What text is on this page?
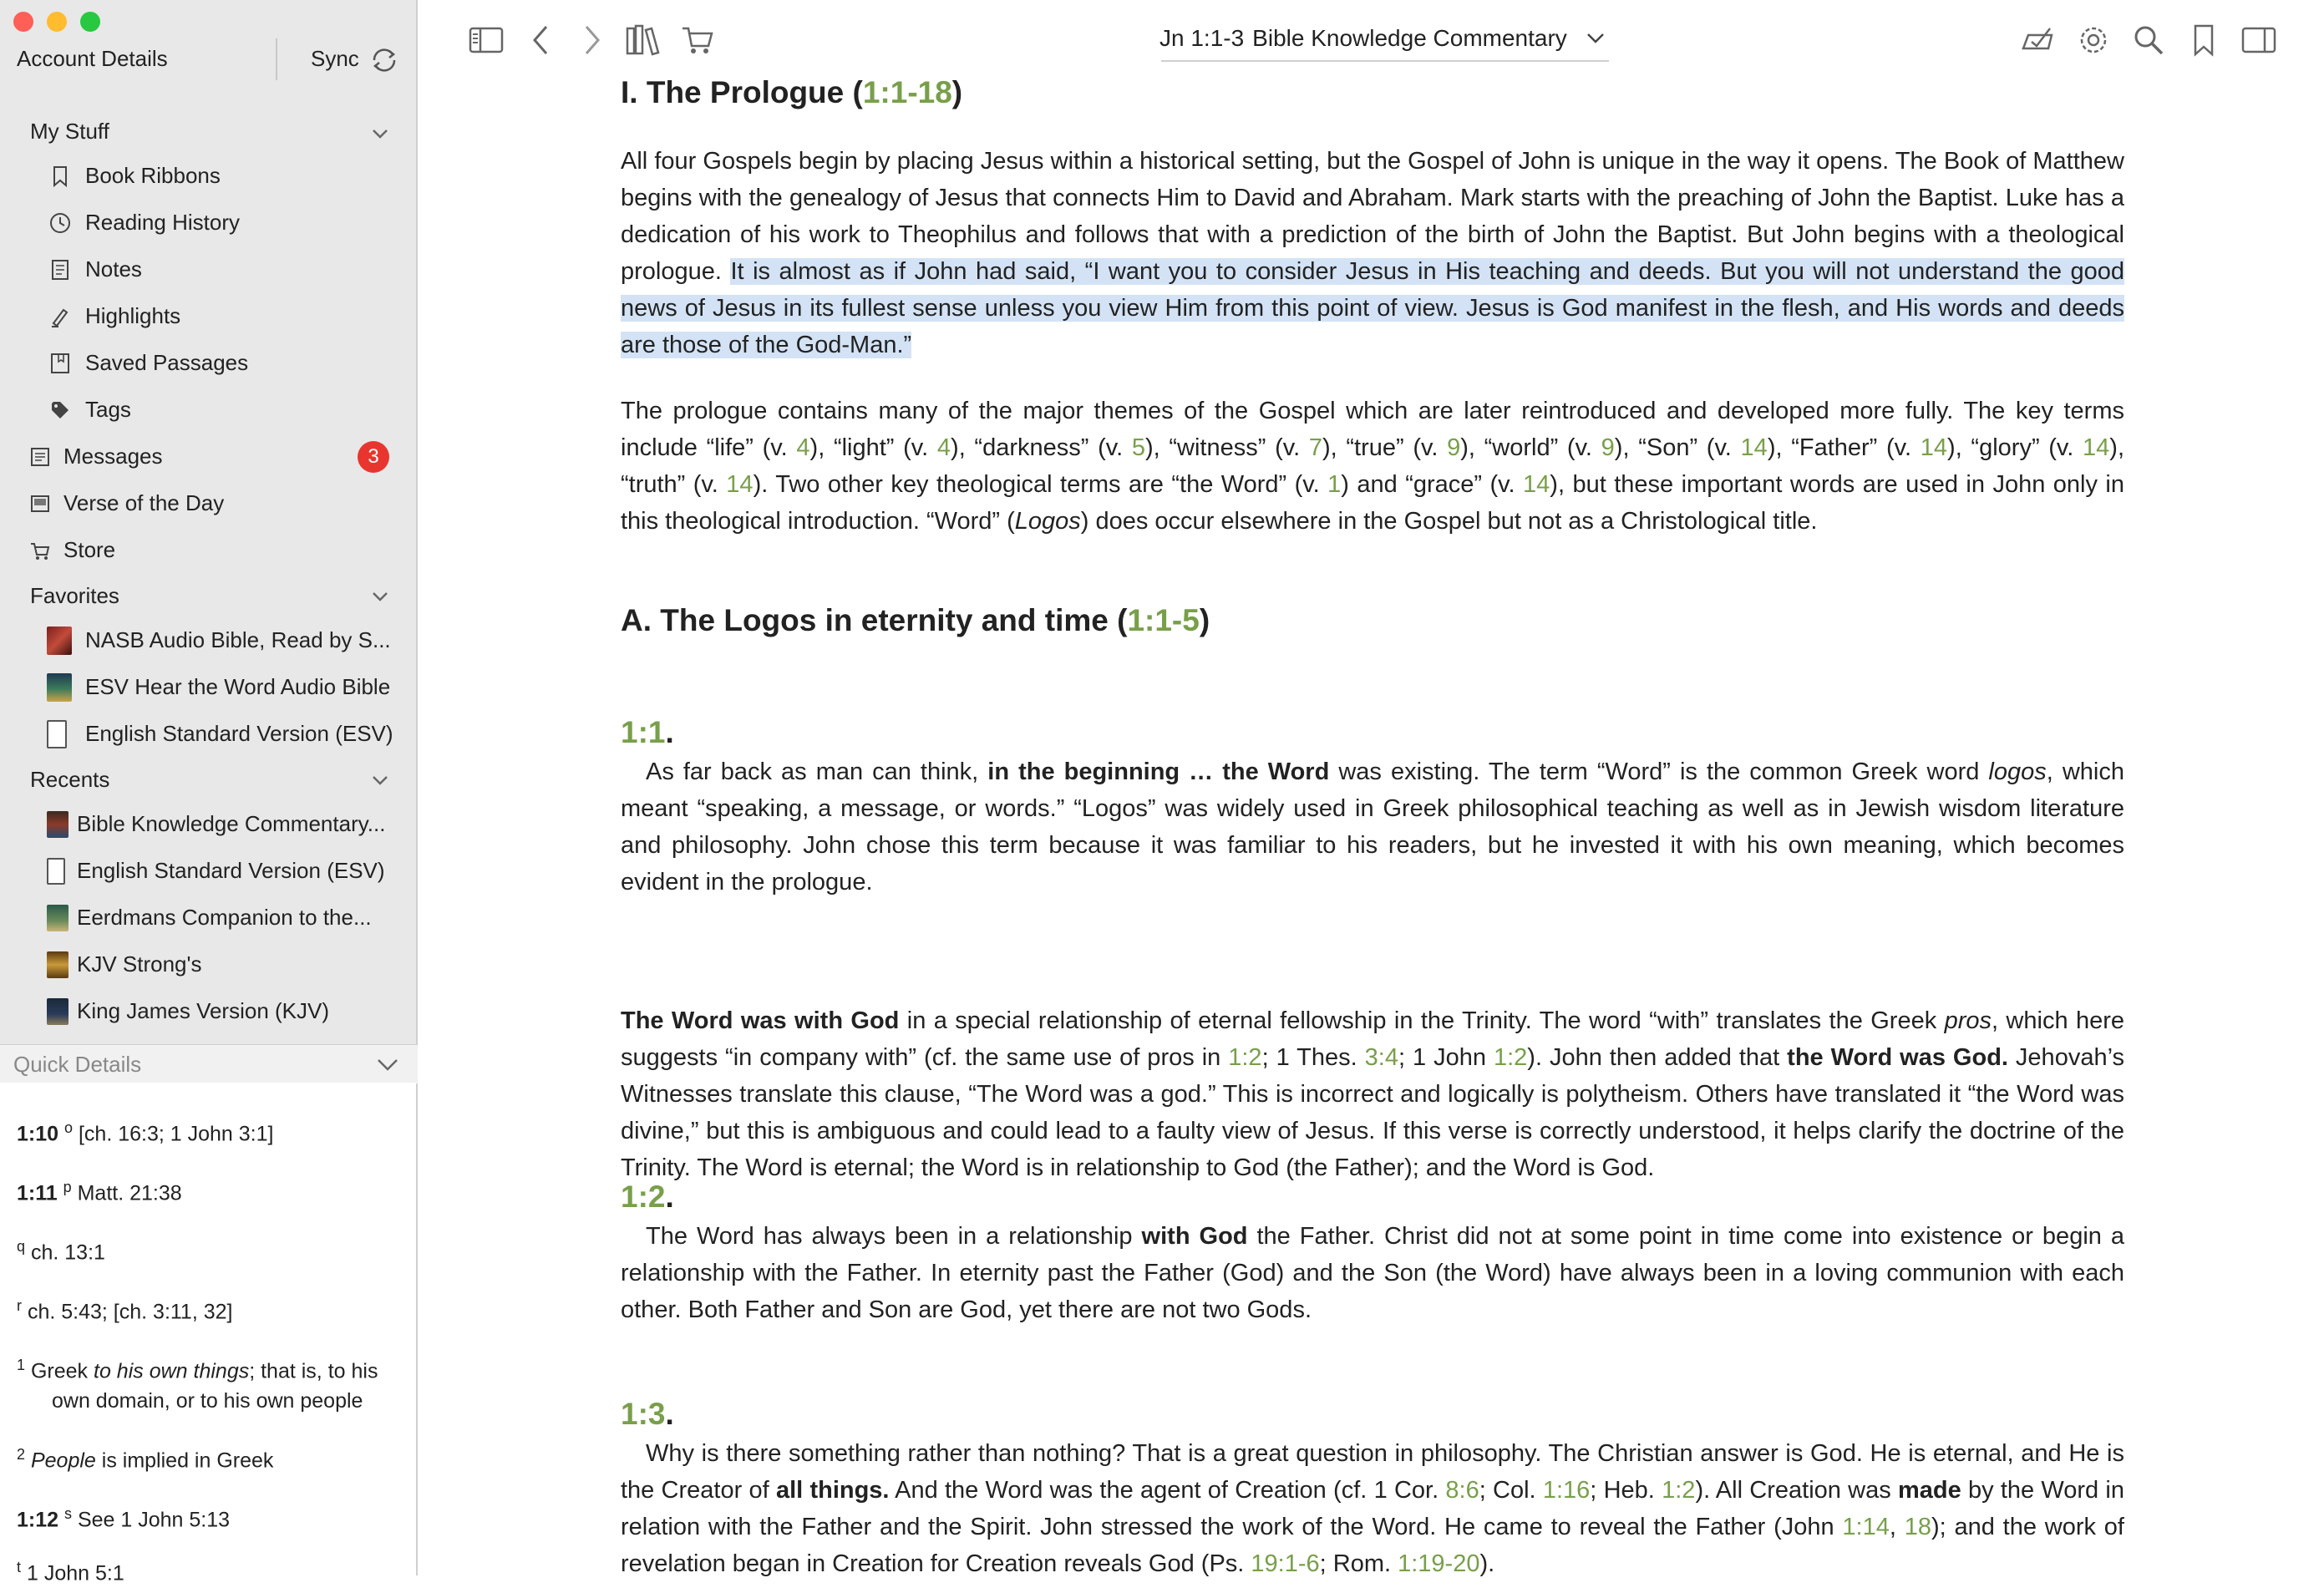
Account Details	Sync
My Stuff
Book Ribbons
Reading History
Notes
Highlights
Saved Passages
Tags
Messages	3
Verse of the Day
Store
Favorites
NASB Audio Bible, Read by S...
ESV Hear the Word Audio Bible
English Standard Version (ESV)
Recents
Bible Knowledge Commentary...
English Standard Version (ESV)
Eerdmans Companion to the...
KJV Strong's
King James Version (KJV)
Quick Details
1:10 $^o$ [ch. 16:3; 1 John 3:1]
1:11 $^p$ Matt. 21:38
$^q$ ch. 13:1
$^r$ ch. 5:43; [ch. 3:11, 32]
$^1$ Greek to his own things; that is, to his
own domain, or to his own people
$^2$ People is implied in Greek
1:12 $^s$ See 1 John 5:13
$^t$ 1 John 5:1
Jn 1:1-3 Bible Knowledge Commentary
I. The Prologue (1:1-18)
All four Gospels begin by placing Jesus within a historical setting, but the Gospel of John is unique in the way it opens. The Book of Matthew begins with the genealogy of Jesus that connects Him to David and Abraham. Mark starts with the preaching of John the Baptist. Luke has a dedication of his work to Theophilus and follows that with a prediction of the birth of John the Baptist. But John begins with a theological prologue. It is almost as if John had said, “I want you to consider Jesus in His teaching and deeds. But you will not understand the good news of Jesus in its fullest sense unless you view Him from this point of view. Jesus is God manifest in the flesh, and His words and deeds are those of the God-Man.”
The prologue contains many of the major themes of the Gospel which are later reintroduced and developed more fully. The key terms include “life” (v. 4), “light” (v. 4), “darkness” (v. 5), “witness” (v. 7), “true” (v. 9), “world” (v. 9), “Son” (v. 14), “Father” (v. 14), “glory” (v. 14), “truth” (v. 14). Two other key theological terms are “the Word” (v. 1) and “grace” (v. 14), but these important words are used in John only in this theological introduction. “Word” (Logos) does occur elsewhere in the Gospel but not as a Christological title.
A. The Logos in eternity and time (1:1-5)
1:1.
As far back as man can think, in the beginning … the Word was existing. The term “Word” is the common Greek word logos, which meant “speaking, a message, or words.” “Logos” was widely used in Greek philosophical teaching as well as in Jewish wisdom literature and philosophy. John chose this term because it was familiar to his readers, but he invested it with his own meaning, which becomes evident in the prologue.
The Word was with God in a special relationship of eternal fellowship in the Trinity. The word “with” translates the Greek pros, which here suggests “in company with” (cf. the same use of pros in 1:2; 1 Thes. 3:4; 1 John 1:2). John then added that the Word was God. Jehovah’s Witnesses translate this clause, “The Word was a god.” This is incorrect and logically is polytheism. Others have translated it “the Word was divine,” but this is ambiguous and could lead to a faulty view of Jesus. If this verse is correctly understood, it helps clarify the doctrine of the Trinity. The Word is eternal; the Word is in relationship to God (the Father); and the Word is God.
1:2.
The Word has always been in a relationship with God the Father. Christ did not at some point in time come into existence or begin a relationship with the Father. In eternity past the Father (God) and the Son (the Word) have always been in a loving communion with each other. Both Father and Son are God, yet there are not two Gods.
1:3.
Why is there something rather than nothing? That is a great question in philosophy. The Christian answer is God. He is eternal, and He is the Creator of all things. And the Word was the agent of Creation (cf. 1 Cor. 8:6; Col. 1:16; Heb. 1:2). All Creation was made by the Word in relation with the Father and the Spirit. John stressed the work of the Word. He came to reveal the Father (John 1:14, 18); and the work of revelation began in Creation for Creation reveals God (Ps. 19:1-6; Rom. 1:19-20).
